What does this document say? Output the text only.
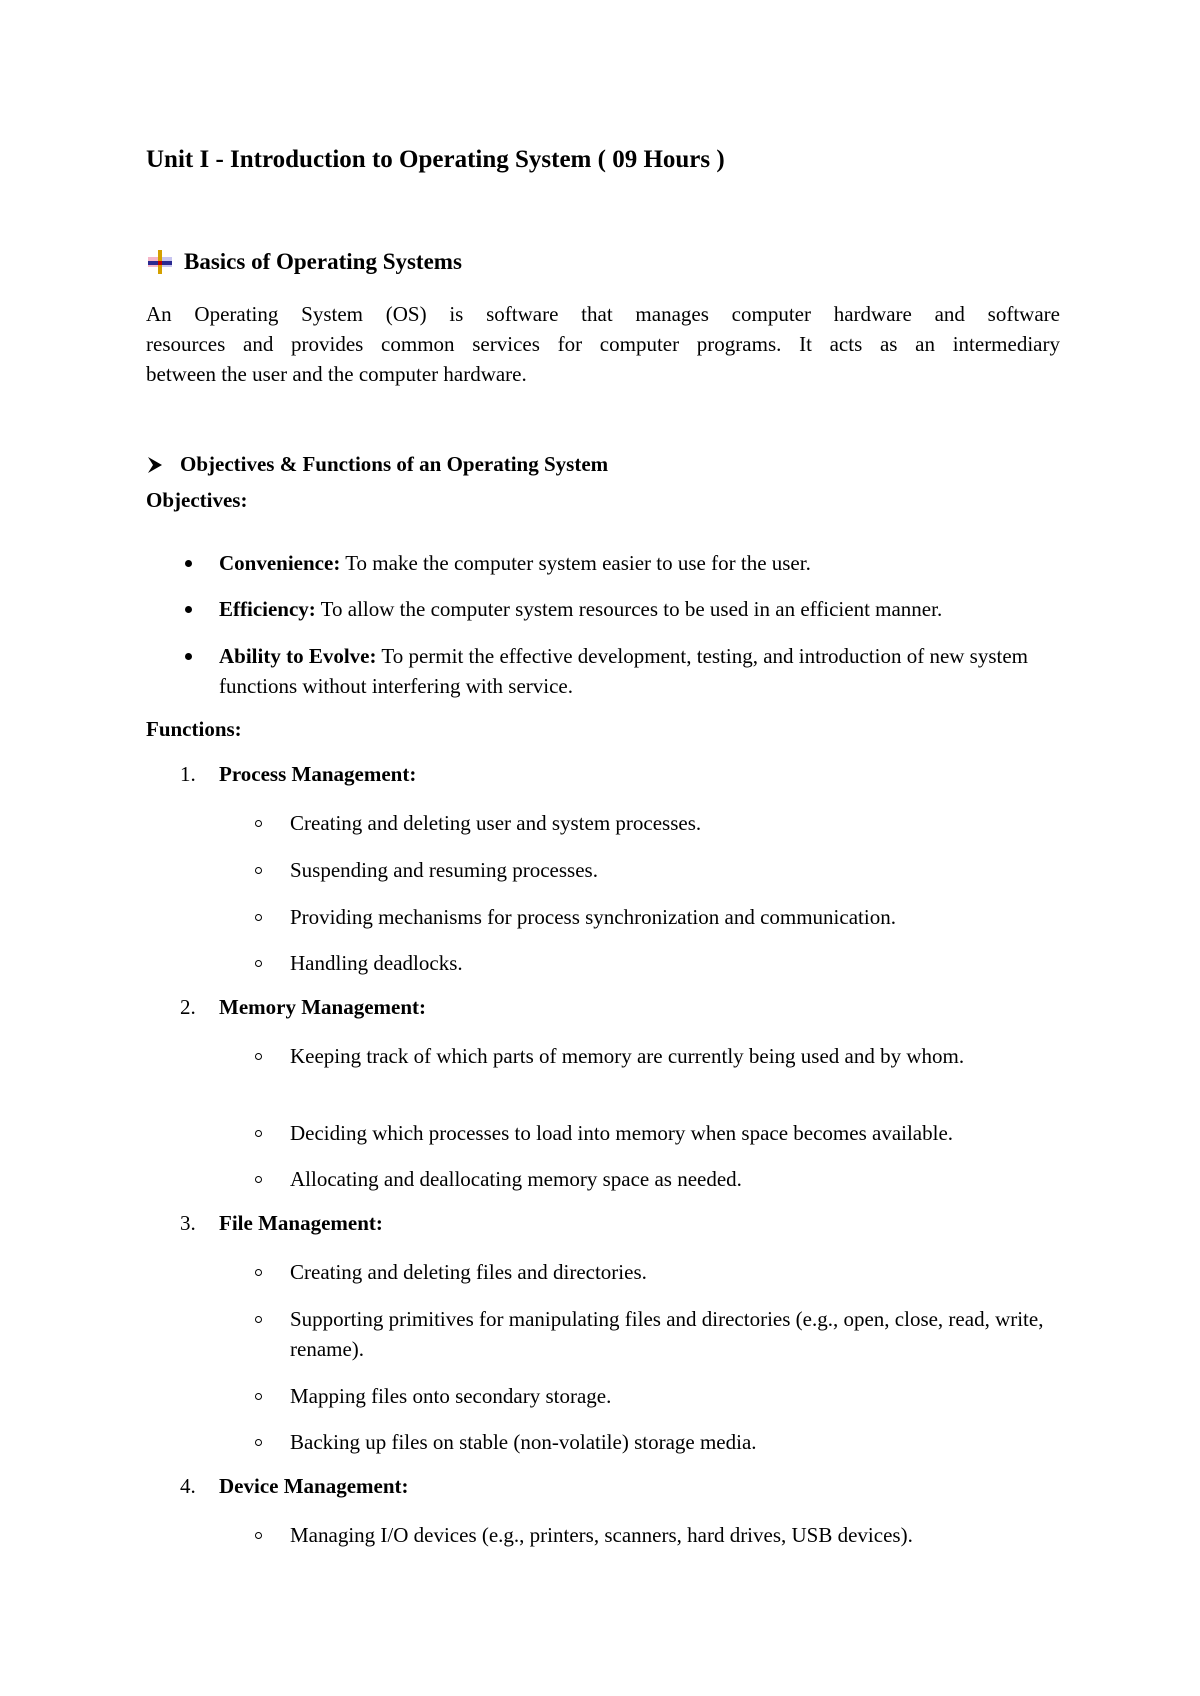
Unit I - Introduction to Operating System ( 09 Hours )
Basics of Operating Systems
An Operating System (OS) is software that manages computer hardware and software
resources and provides common services for computer programs. It acts as an intermediary
between the user and the computer hardware.
Objectives & Functions of an Operating System
Objectives:
Convenience: To make the computer system easier to use for the user.
Efficiency: To allow the computer system resources to be used in an efficient manner.
Ability to Evolve: To permit the effective development, testing, and introduction of new system functions without interfering with service.
Functions:
1. Process Management:
Creating and deleting user and system processes.
Suspending and resuming processes.
Providing mechanisms for process synchronization and communication.
Handling deadlocks.
2. Memory Management:
Keeping track of which parts of memory are currently being used and by whom.
Deciding which processes to load into memory when space becomes available.
Allocating and deallocating memory space as needed.
3. File Management:
Creating and deleting files and directories.
Supporting primitives for manipulating files and directories (e.g., open, close, read, write, rename).
Mapping files onto secondary storage.
Backing up files on stable (non-volatile) storage media.
4. Device Management:
Managing I/O devices (e.g., printers, scanners, hard drives, USB devices).
